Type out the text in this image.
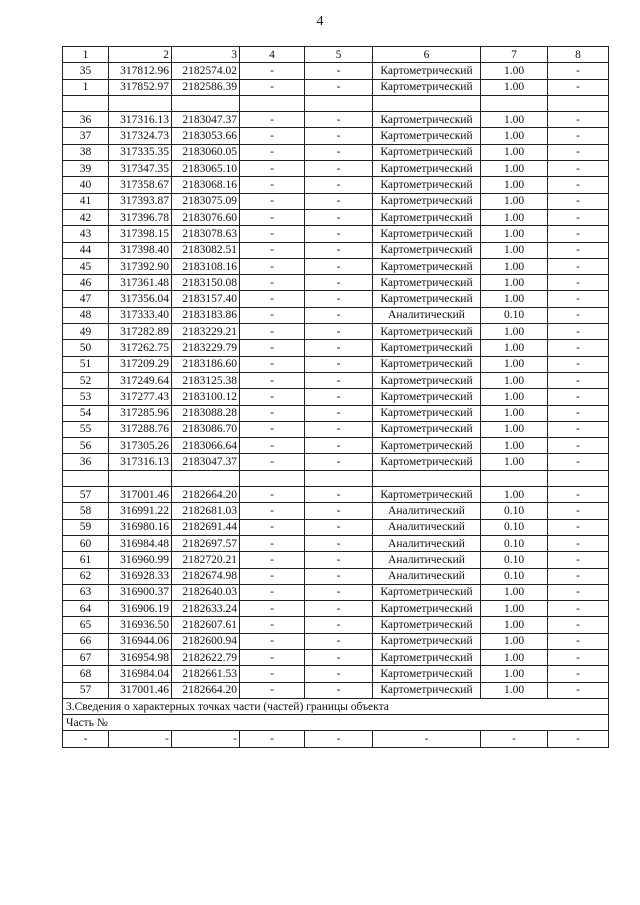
4
1	2	3	4	5	6	7	8
35	317812.96	2182574.02	-	-	Картометрический	1.00	-
1	317852.97	2182586.39	-	-	Картометрический	1.00	-

36	317316.13	2183047.37	-	-	Картометрический	1.00	-
37	317324.73	2183053.66	-	-	Картометрический	1.00	-
38	317335.35	2183060.05	-	-	Картометрический	1.00	-
39	317347.35	2183065.10	-	-	Картометрический	1.00	-
40	317358.67	2183068.16	-	-	Картометрический	1.00	-
41	317393.87	2183075.09	-	-	Картометрический	1.00	-
42	317396.78	2183076.60	-	-	Картометрический	1.00	-
43	317398.15	2183078.63	-	-	Картометрический	1.00	-
44	317398.40	2183082.51	-	-	Картометрический	1.00	-
45	317392.90	2183108.16	-	-	Картометрический	1.00	-
46	317361.48	2183150.08	-	-	Картометрический	1.00	-
47	317356.04	2183157.40	-	-	Картометрический	1.00	-
48	317333.40	2183183.86	-	-	Аналитический	0.10	-
49	317282.89	2183229.21	-	-	Картометрический	1.00	-
50	317262.75	2183229.79	-	-	Картометрический	1.00	-
51	317209.29	2183186.60	-	-	Картометрический	1.00	-
52	317249.64	2183125.38	-	-	Картометрический	1.00	-
53	317277.43	2183100.12	-	-	Картометрический	1.00	-
54	317285.96	2183088.28	-	-	Картометрический	1.00	-
55	317288.76	2183086.70	-	-	Картометрический	1.00	-
56	317305.26	2183066.64	-	-	Картометрический	1.00	-
36	317316.13	2183047.37	-	-	Картометрический	1.00	-

57	317001.46	2182664.20	-	-	Картометрический	1.00	-
58	316991.22	2182681.03	-	-	Аналитический	0.10	-
59	316980.16	2182691.44	-	-	Аналитический	0.10	-
60	316984.48	2182697.57	-	-	Аналитический	0.10	-
61	316960.99	2182720.21	-	-	Аналитический	0.10	-
62	316928.33	2182674.98	-	-	Аналитический	0.10	-
63	316900.37	2182640.03	-	-	Картометрический	1.00	-
64	316906.19	2182633.24	-	-	Картометрический	1.00	-
65	316936.50	2182607.61	-	-	Картометрический	1.00	-
66	316944.06	2182600.94	-	-	Картометрический	1.00	-
67	316954.98	2182622.79	-	-	Картометрический	1.00	-
68	316984.04	2182661.53	-	-	Картометрический	1.00	-
57	317001.46	2182664.20	-	-	Картометрический	1.00	-
3.Сведения о характерных точках части (частей) границы объекта							
Часть №							
-	-	-	-	-	-	-	-
